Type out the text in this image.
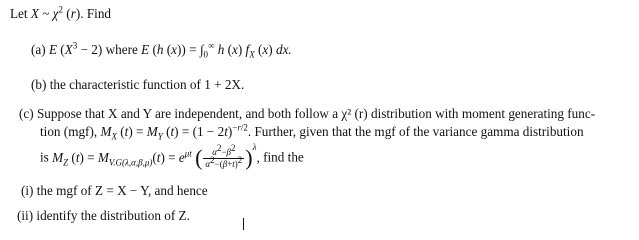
Let X ~ $\chi^2$ (r). Find
(a) E $(X^3 - 2)$ where E (h $(x)) = \int_0^\infty$ h (x) $f_X$ (x) dx.
(b) the characteristic function of 1 + 2X.
(c) Suppose that X and Y are independent, and both follow a χ² (r) distribution with moment generating func-
tion (mgf), $M_X$ $(t) = M_Y$ $(t) = (1 - 2t)^{-r/2}$. Further, given that the mgf of the variance gamma distribution
is $M_Z$ $(t) = M_{V.G(\lambda,\alpha,\beta,\mu)}(t) = e^{\mu t}$ ( $\frac{\alpha^2-\beta^2}{\alpha^2-(\beta+t)^2} )^\lambda$, find the
(i) the mgf of Z = X − Y, and hence
(ii) identify the distribution of Z.
